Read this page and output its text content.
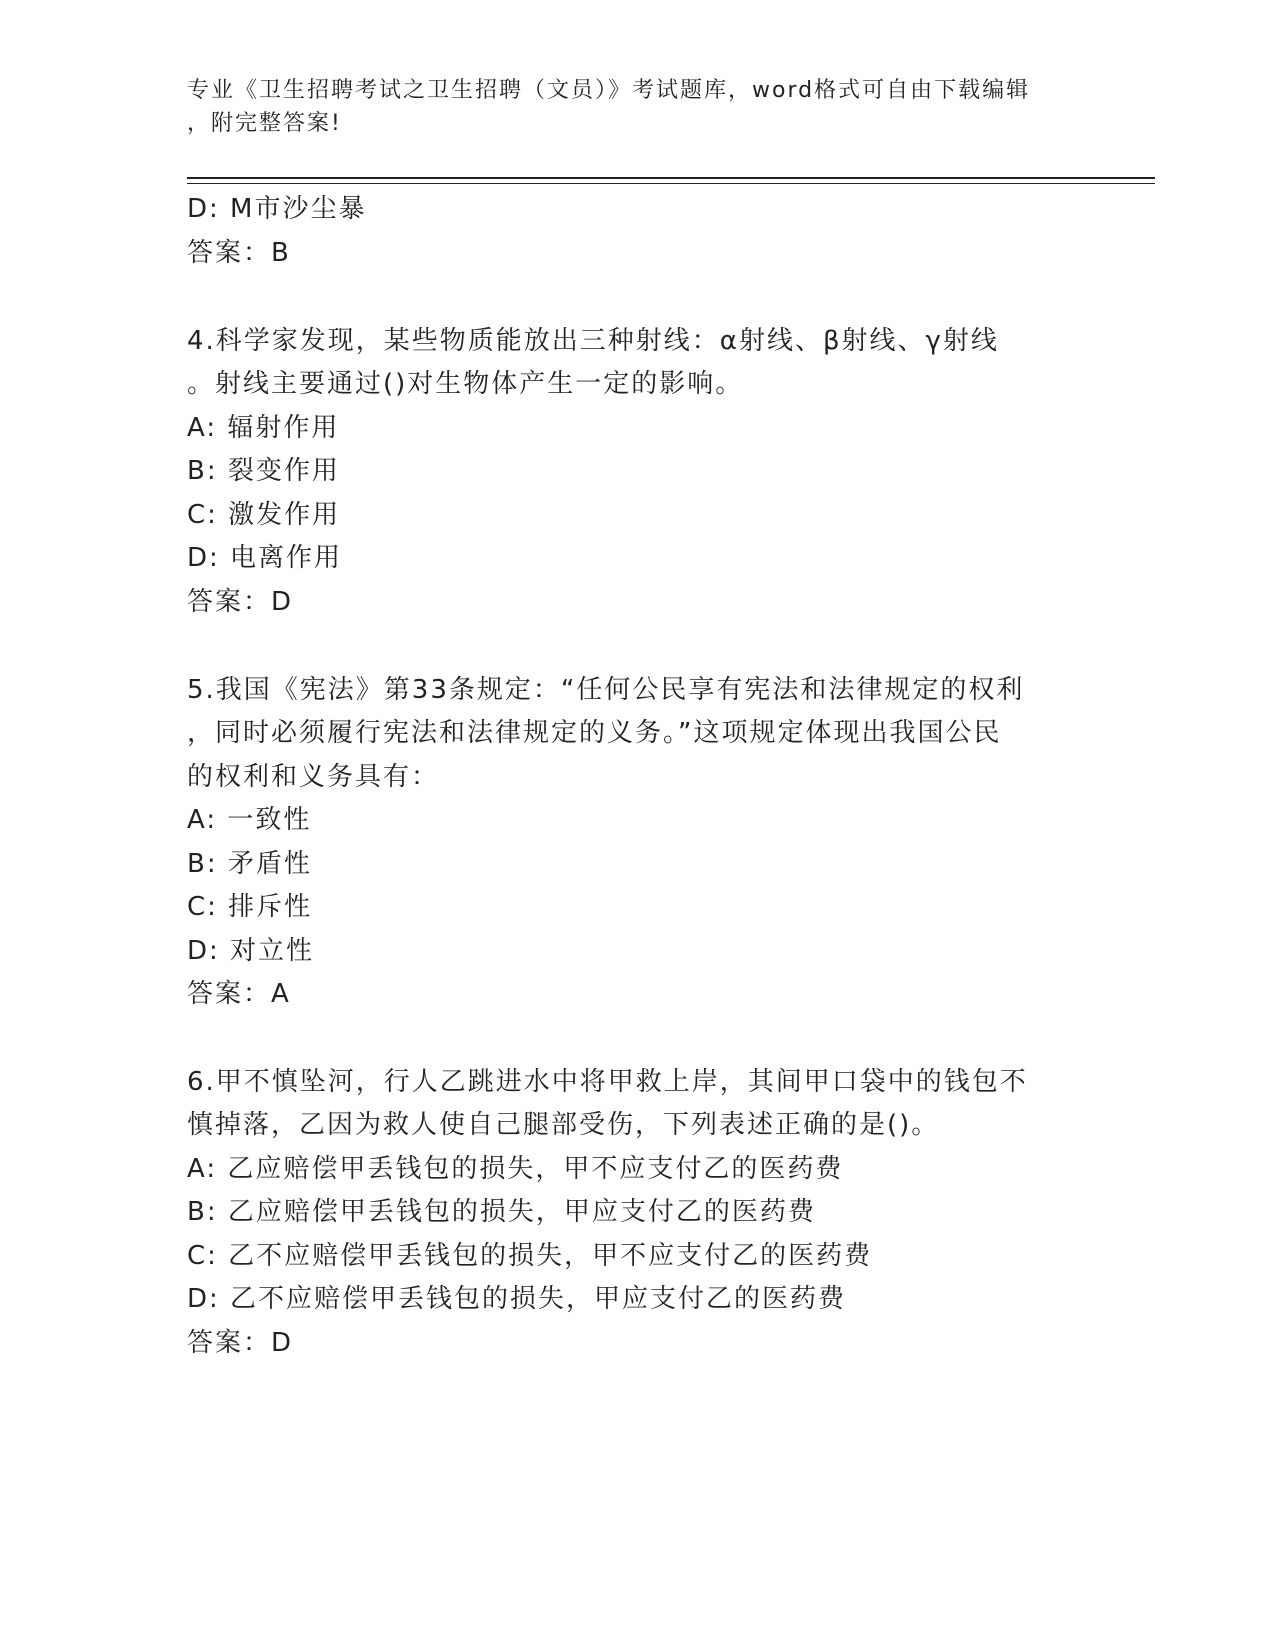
专业《卫生招聘考试之卫生招聘（文员）》考试题库，word格式可自由下载编辑
，附完整答案!
D: M市沙尘暴
答案：B
4.科学家发现，某些物质能放出三种射线：α射线、β射线、γ射线
。射线主要通过()对生物体产生一定的影响。
A: 辐射作用
B: 裂变作用
C: 激发作用
D: 电离作用
答案：D
5.我国《宪法》第33条规定：“任何公民享有宪法和法律规定的权利
，同时必须履行宪法和法律规定的义务。”这项规定体现出我国公民
的权利和义务具有：
A: 一致性
B: 矛盾性
C: 排斥性
D: 对立性
答案：A
6.甲不慎坠河，行人乙跳进水中将甲救上岸，其间甲口袋中的钱包不
慎掉落，乙因为救人使自己腿部受伤，下列表述正确的是()。
A: 乙应赔偿甲丢钱包的损失，甲不应支付乙的医药费
B: 乙应赔偿甲丢钱包的损失，甲应支付乙的医药费
C: 乙不应赔偿甲丢钱包的损失，甲不应支付乙的医药费
D: 乙不应赔偿甲丢钱包的损失，甲应支付乙的医药费
答案：D
